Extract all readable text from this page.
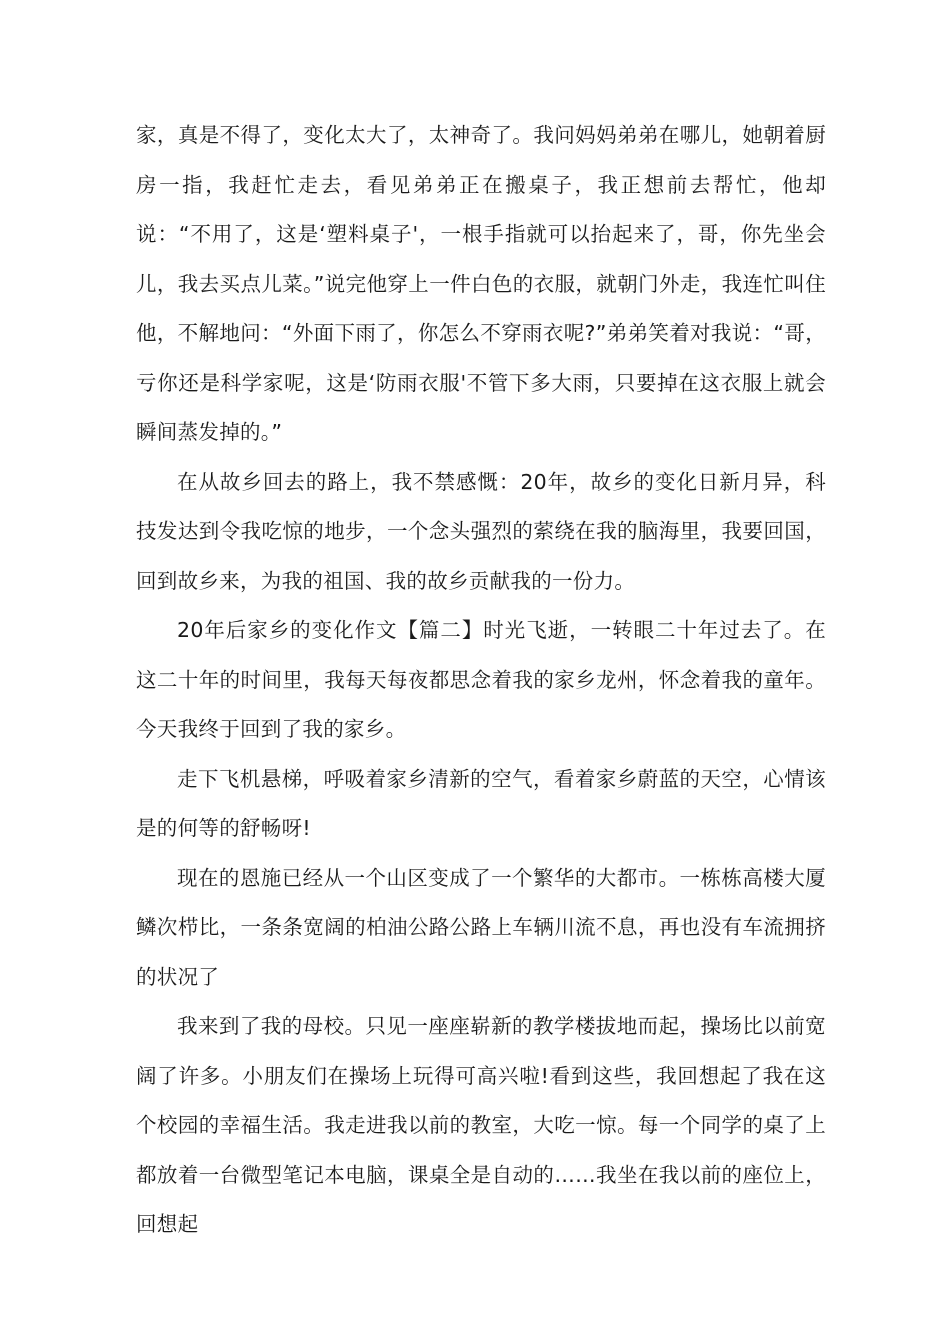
家，真是不得了，变化太大了，太神奇了。我问妈妈弟弟在哪儿，她朝着厨房一指，我赶忙走去，看见弟弟正在搬桌子，我正想前去帮忙，他却说：“不用了，这是‘塑料桌子'，一根手指就可以抬起来了，哥，你先坐会儿，我去买点儿菜。”说完他穿上一件白色的衣服，就朝门外走，我连忙叫住他，不解地问：“外面下雨了，你怎么不穿雨衣呢?”弟弟笑着对我说：“哥，亏你还是科学家呢，这是‘防雨衣服'不管下多大雨，只要掉在这衣服上就会瞬间蒸发掉的。”

在从故乡回去的路上，我不禁感慨：20年，故乡的变化日新月异，科技发达到令我吃惊的地步，一个念头强烈的萦绕在我的脑海里，我要回国，回到故乡来，为我的祖国、我的故乡贡献我的一份力。

20年后家乡的变化作文【篇二】时光飞逝，一转眼二十年过去了。在这二十年的时间里，我每天每夜都思念着我的家乡龙州，怀念着我的童年。今天我终于回到了我的家乡。

走下飞机悬梯，呼吸着家乡清新的空气，看着家乡蔚蓝的天空，心情该是的何等的舒畅呀!

现在的恩施已经从一个山区变成了一个繁华的大都市。一栋栋高楼大厦鳞次栉比，一条条宽阔的柏油公路公路上车辆川流不息，再也没有车流拥挤的状况了

我来到了我的母校。只见一座座崭新的教学楼拔地而起，操场比以前宽阔了许多。小朋友们在操场上玩得可高兴啦!看到这些，我回想起了我在这个校园的幸福生活。我走进我以前的教室，大吃一惊。每一个同学的桌了上都放着一台微型笔记本电脑，课桌全是自动的……我坐在我以前的座位上，回想起
